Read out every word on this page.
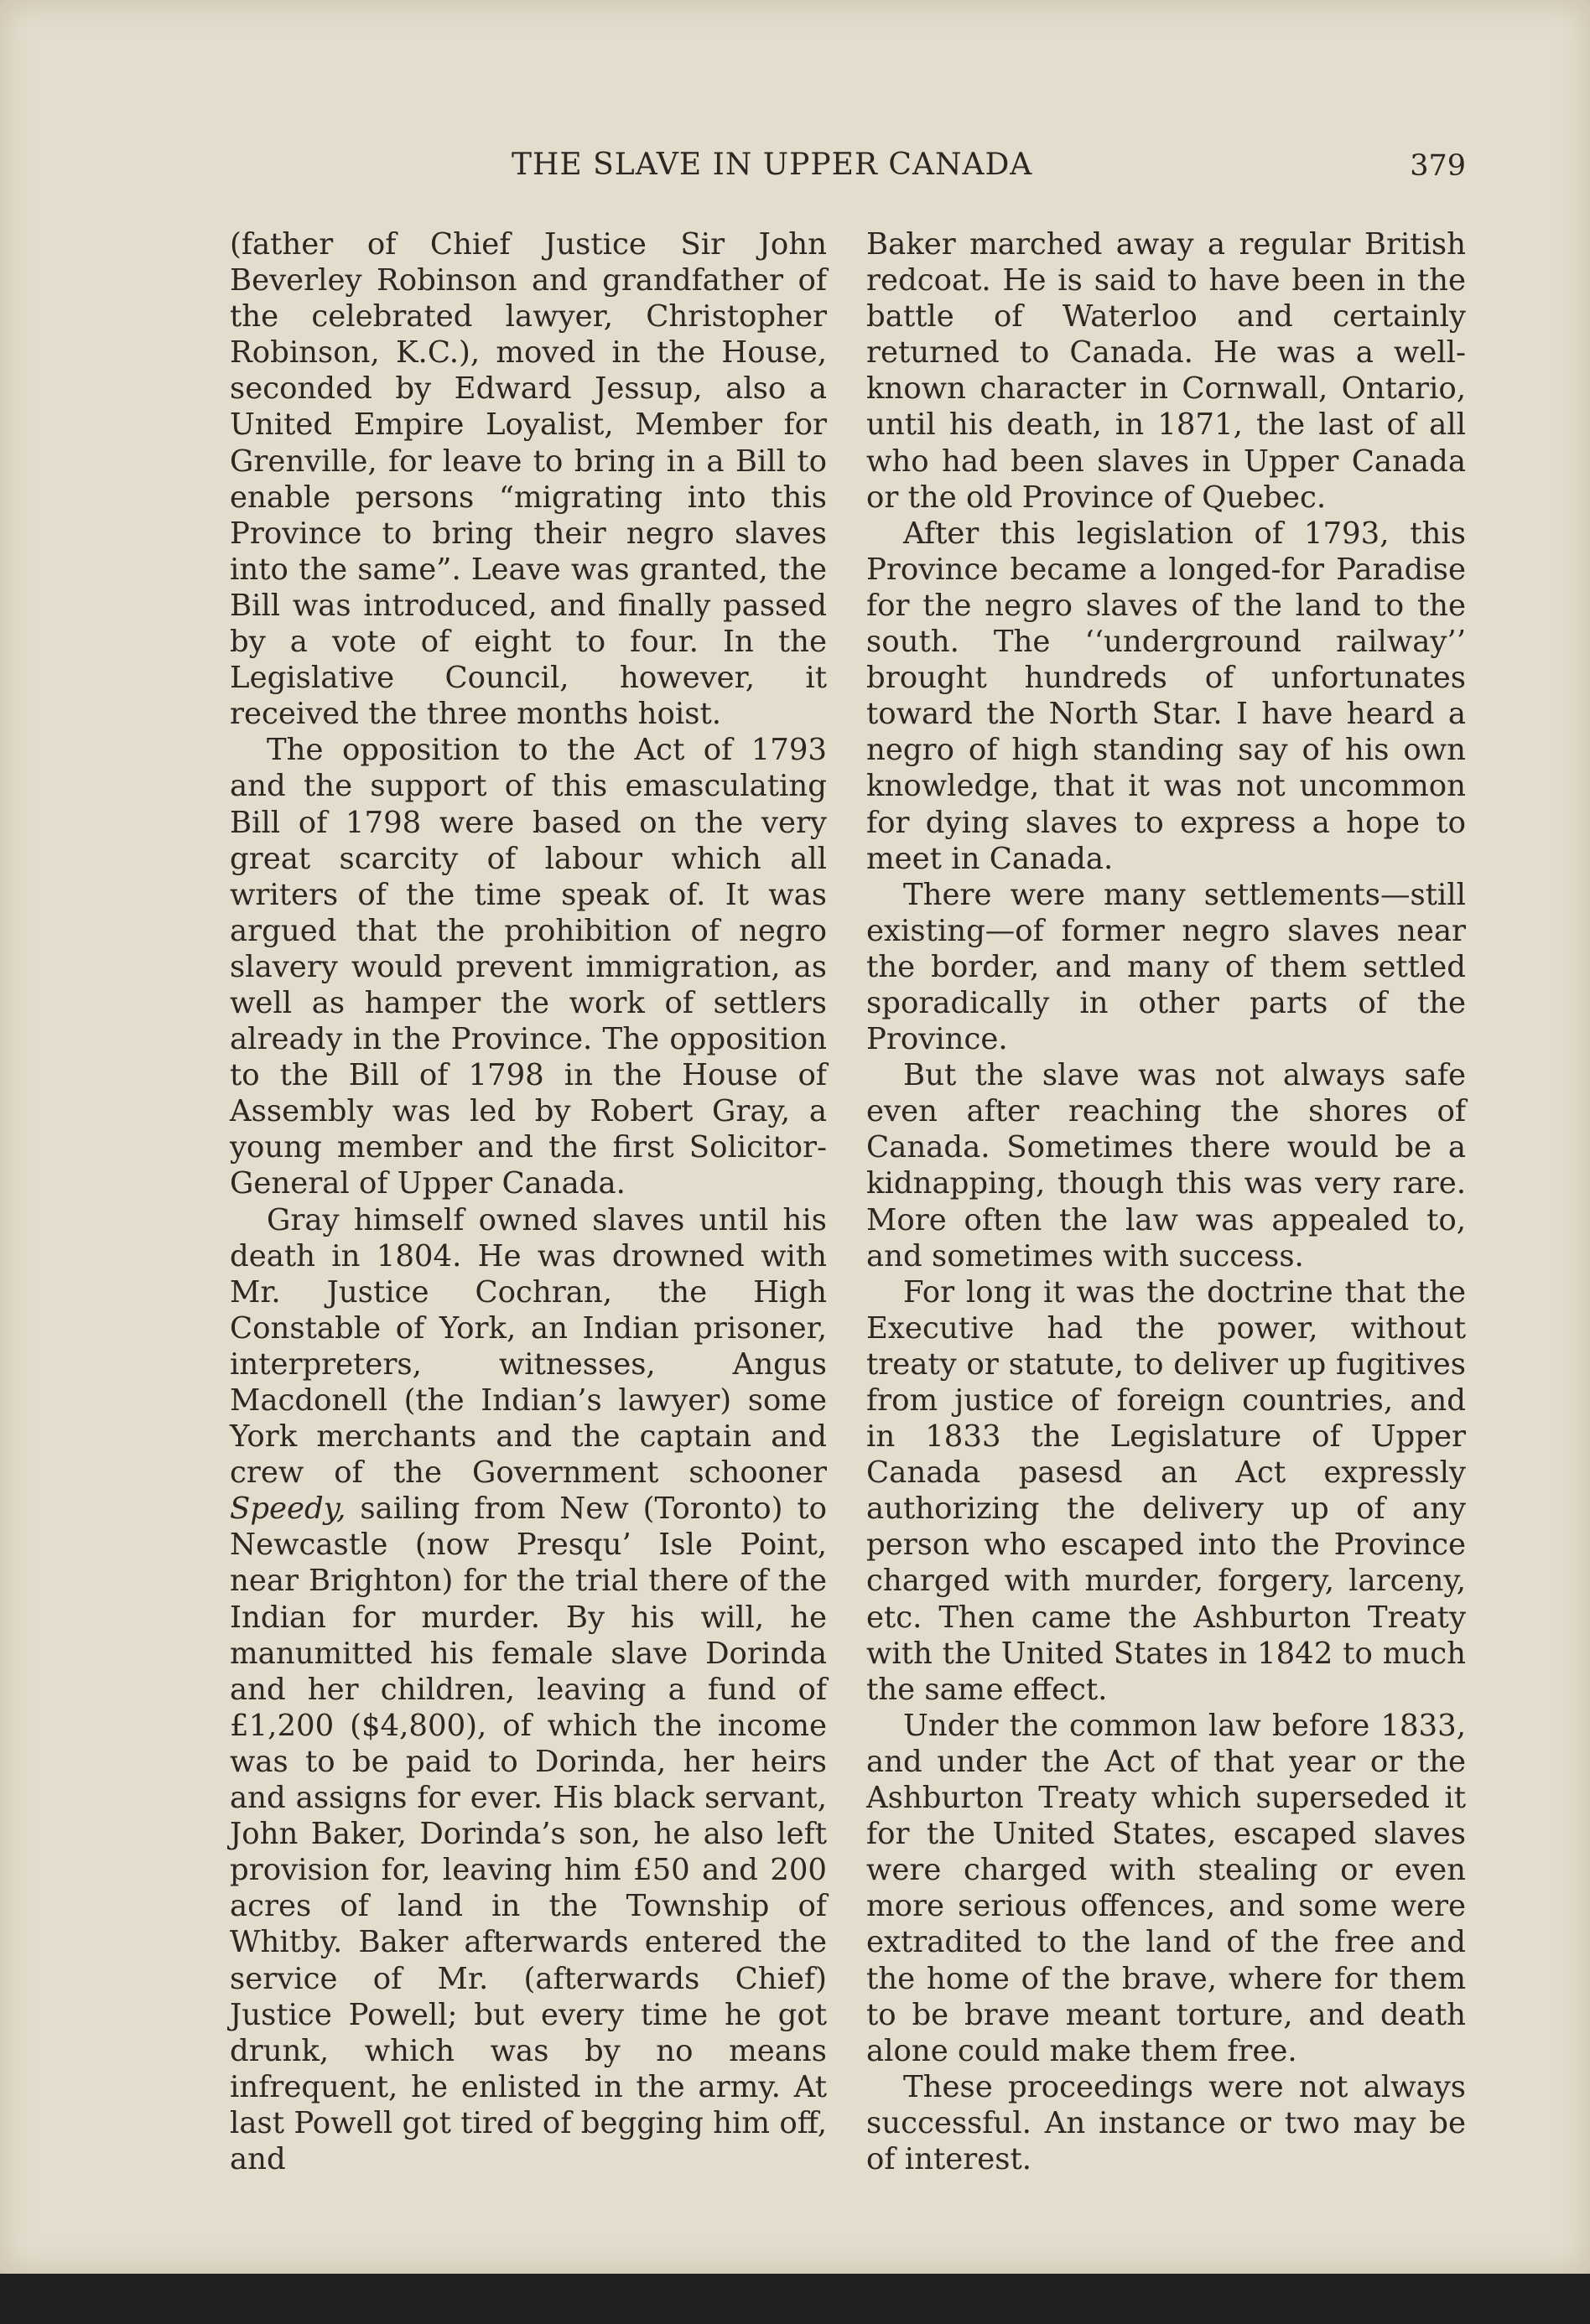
THE SLAVE IN UPPER CANADA	379

(father of Chief Justice Sir John Beverley Robinson and grandfather of the celebrated lawyer, Christopher Robinson, K.C.), moved in the House, seconded by Edward Jessup, also a United Empire Loyalist, Member for Grenville, for leave to bring in a Bill to enable persons “migrating into this Province to bring their negro slaves into the same”. Leave was granted, the Bill was introduced, and finally passed by a vote of eight to four. In the Legislative Council, however, it received the three months hoist.

The opposition to the Act of 1793 and the support of this emasculating Bill of 1798 were based on the very great scarcity of labour which all writers of the time speak of. It was argued that the prohibition of negro slavery would prevent immigration, as well as hamper the work of settlers already in the Province. The opposition to the Bill of 1798 in the House of Assembly was led by Robert Gray, a young member and the first Solicitor-General of Upper Canada.

Gray himself owned slaves until his death in 1804. He was drowned with Mr. Justice Cochran, the High Constable of York, an Indian prisoner, interpreters, witnesses, Angus Macdonell (the Indian’s lawyer) some York merchants and the captain and crew of the Government schooner Speedy, sailing from New (Toronto) to Newcastle (now Presqu’ Isle Point, near Brighton) for the trial there of the Indian for murder. By his will, he manumitted his female slave Dorinda and her children, leaving a fund of £1,200 ($4,800), of which the income was to be paid to Dorinda, her heirs and assigns for ever. His black servant, John Baker, Dorinda’s son, he also left provision for, leaving him £50 and 200 acres of land in the Township of Whitby. Baker afterwards entered the service of Mr. (afterwards Chief) Justice Powell; but every time he got drunk, which was by no means infrequent, he enlisted in the army. At last Powell got tired of begging him off, and

Baker marched away a regular British redcoat. He is said to have been in the battle of Waterloo and certainly returned to Canada. He was a well-known character in Cornwall, Ontario, until his death, in 1871, the last of all who had been slaves in Upper Canada or the old Province of Quebec.

After this legislation of 1793, this Province became a longed-for Paradise for the negro slaves of the land to the south. The ‘‘underground railway’’ brought hundreds of unfortunates toward the North Star. I have heard a negro of high standing say of his own knowledge, that it was not uncommon for dying slaves to express a hope to meet in Canada.

There were many settlements—still existing—of former negro slaves near the border, and many of them settled sporadically in other parts of the Province.

But the slave was not always safe even after reaching the shores of Canada. Sometimes there would be a kidnapping, though this was very rare. More often the law was appealed to, and sometimes with success.

For long it was the doctrine that the Executive had the power, without treaty or statute, to deliver up fugitives from justice of foreign countries, and in 1833 the Legislature of Upper Canada pasesd an Act expressly authorizing the delivery up of any person who escaped into the Province charged with murder, forgery, larceny, etc. Then came the Ashburton Treaty with the United States in 1842 to much the same effect.

Under the common law before 1833, and under the Act of that year or the Ashburton Treaty which superseded it for the United States, escaped slaves were charged with stealing or even more serious offences, and some were extradited to the land of the free and the home of the brave, where for them to be brave meant torture, and death alone could make them free.

These proceedings were not always successful. An instance or two may be of interest.
